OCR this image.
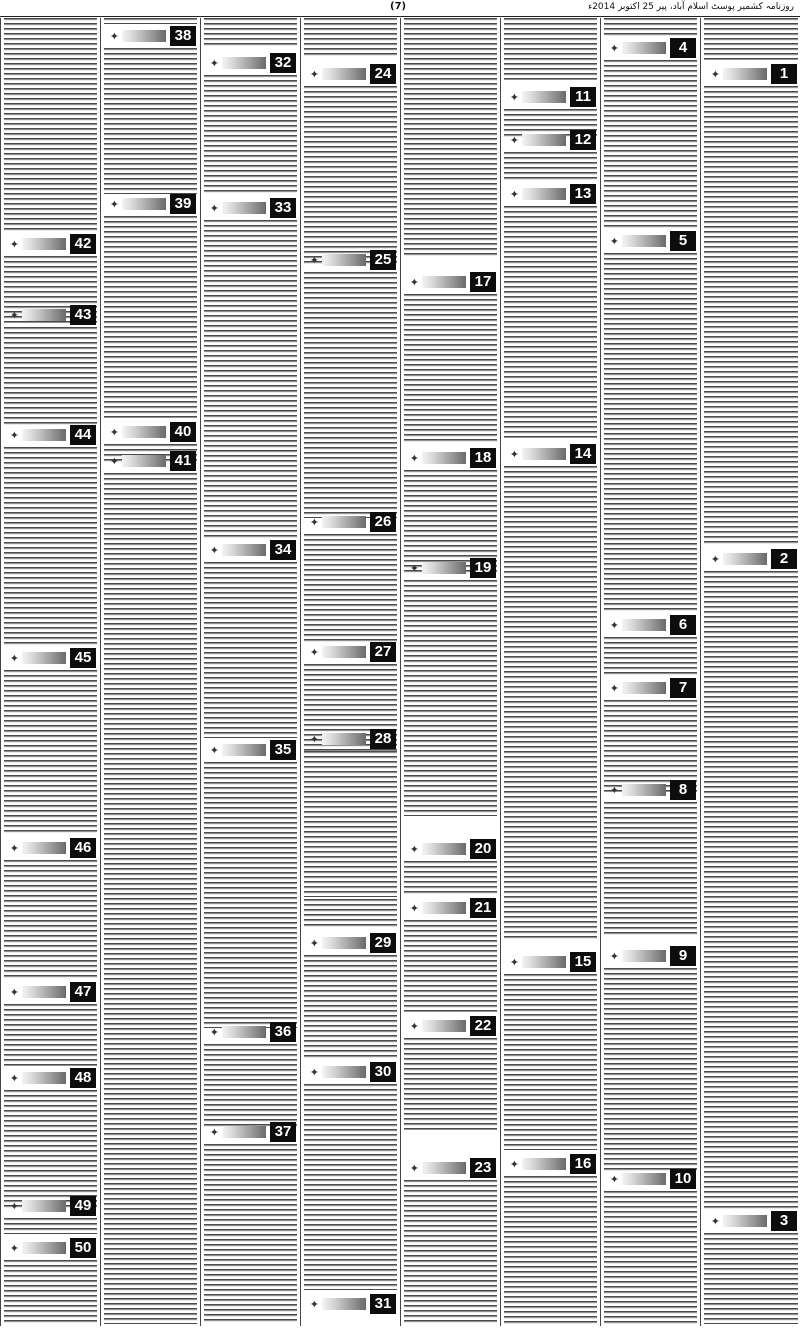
(7)	روزنامہ کشمیر پوسٹ اسلام آباد، پیر 25 اکتوبر 2014ء
42
✦
43
✦
44
✦
45
✦
46
✦
47
✦
48
✦
49
✦
50
✦
38
✦
39
✦
40
✦
41
✦
32
✦
33
✦
34
✦
35
✦
36
✦
37
✦
24
✦
25
✦
26
✦
27
✦
28
✦
29
✦
30
✦
31
✦
17
✦
18
✦
19
✦
20
✦
21
✦
22
✦
23
✦
11
✦
12
✦
13
✦
14
✦
15
✦
16
✦
4
✦
5
✦
6
✦
7
✦
8
✦
9
✦
10
✦
1
✦
2
✦
3
✦
